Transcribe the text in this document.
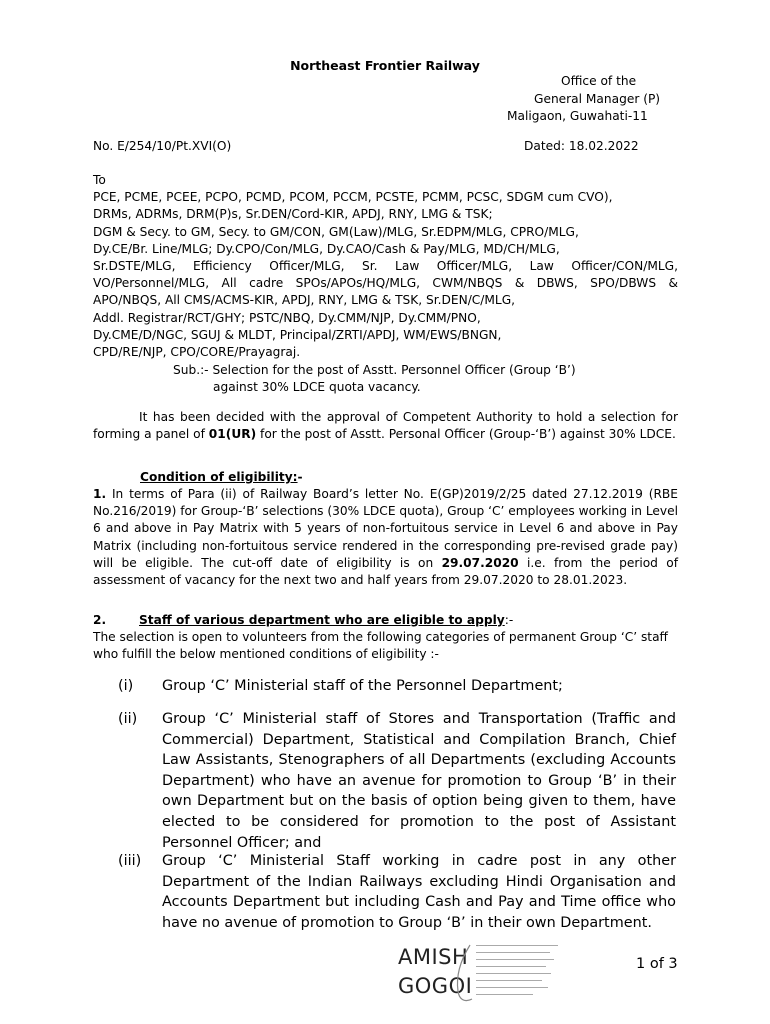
Northeast Frontier Railway
Office of the
General Manager (P)
Maligaon, Guwahati-11
No. E/254/10/Pt.XVI(O)	Dated: 18.02.2022
To
PCE, PCME, PCEE, PCPO, PCMD, PCOM, PCCM, PCSTE, PCMM, PCSC, SDGM cum CVO),
DRMs, ADRMs, DRM(P)s, Sr.DEN/Cord-KIR, APDJ, RNY, LMG & TSK;
DGM & Secy. to GM, Secy. to GM/CON, GM(Law)/MLG, Sr.EDPM/MLG, CPRO/MLG,
Dy.CE/Br. Line/MLG; Dy.CPO/Con/MLG, Dy.CAO/Cash & Pay/MLG, MD/CH/MLG,
Sr.DSTE/MLG, Efficiency Officer/MLG, Sr. Law Officer/MLG, Law Officer/CON/MLG,
VO/Personnel/MLG, All cadre SPOs/APOs/HQ/MLG, CWM/NBQS & DBWS, SPO/DBWS &
APO/NBQS, All CMS/ACMS-KIR, APDJ, RNY, LMG & TSK, Sr.DEN/C/MLG,
Addl. Registrar/RCT/GHY; PSTC/NBQ, Dy.CMM/NJP, Dy.CMM/PNO,
Dy.CME/D/NGC, SGUJ & MLDT, Principal/ZRTI/APDJ, WM/EWS/BNGN,
CPD/RE/NJP, CPO/CORE/Prayagraj.
Sub.:- Selection for the post of Asstt. Personnel Officer (Group ‘B’)
against 30% LDCE quota vacancy.
It has been decided with the approval of Competent Authority to hold a selection for forming a panel of 01(UR) for the post of Asstt. Personal Officer (Group-‘B’) against 30% LDCE.
Condition of eligibility:-
1. In terms of Para (ii) of Railway Board’s letter No. E(GP)2019/2/25 dated 27.12.2019 (RBE No.216/2019) for Group-‘B’ selections (30% LDCE quota), Group ‘C’ employees working in Level 6 and above in Pay Matrix with 5 years of non-fortuitous service in Level 6 and above in Pay Matrix (including non-fortuitous service rendered in the corresponding pre-revised grade pay) will be eligible. The cut-off date of eligibility is on 29.07.2020 i.e. from the period of assessment of vacancy for the next two and half years from 29.07.2020 to 28.01.2023.
2.	Staff of various department who are eligible to apply:-
The selection is open to volunteers from the following categories of permanent Group ‘C’ staff who fulfill the below mentioned conditions of eligibility :-
(i) Group ‘C’ Ministerial staff of the Personnel Department;
(ii) Group ‘C’ Ministerial staff of Stores and Transportation (Traffic and Commercial) Department, Statistical and Compilation Branch, Chief Law Assistants, Stenographers of all Departments (excluding Accounts Department) who have an avenue for promotion to Group ‘B’ in their own Department but on the basis of option being given to them, have elected to be considered for promotion to the post of Assistant Personnel Officer; and
(iii) Group ‘C’ Ministerial Staff working in cadre post in any other Department of the Indian Railways excluding Hindi Organisation and Accounts Department but including Cash and Pay and Time office who have no avenue of promotion to Group ‘B’ in their own Department.
AMISH
GOGOI
1 of 3
